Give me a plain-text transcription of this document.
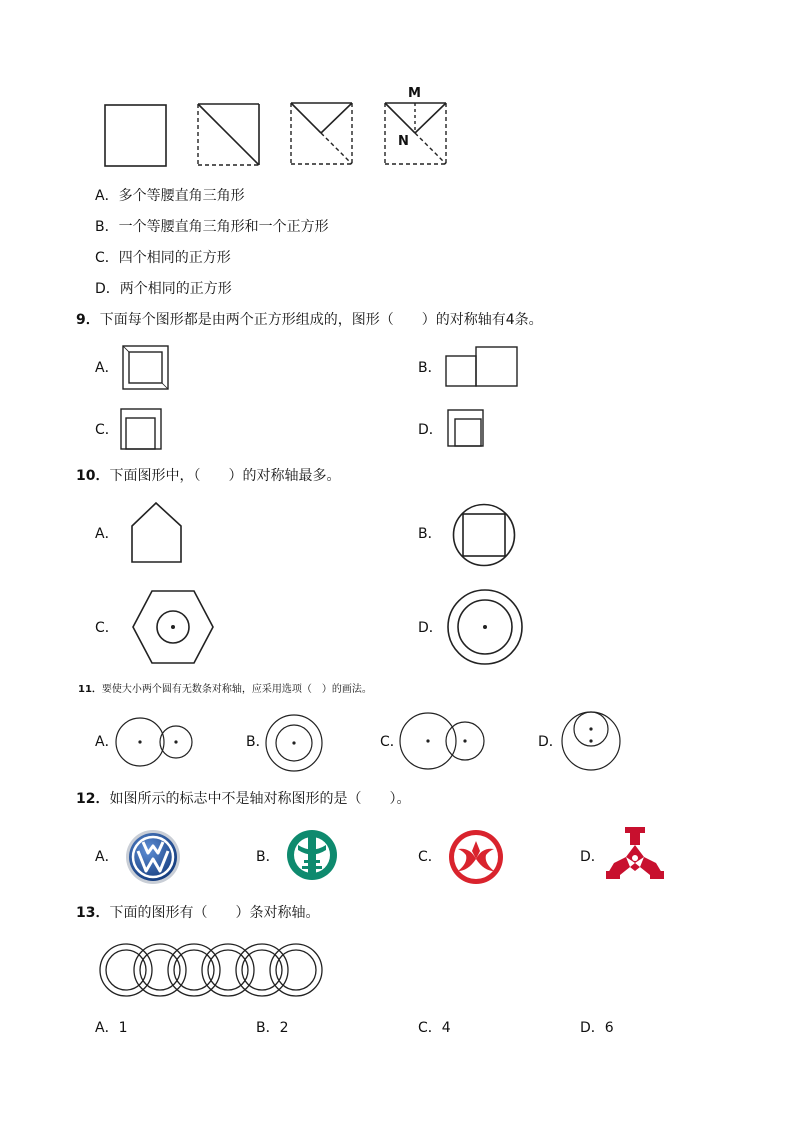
M
N
A．多个等腰直角三角形
B．一个等腰直角三角形和一个正方形
C．四个相同的正方形
D．两个相同的正方形
9．下面每个图形都是由两个正方形组成的，图形（　　）的对称轴有4条。
A．	B．
C．	D．
10．下面图形中，（　　）的对称轴最多。
A．	B．
C．	D．
11．要使大小两个圆有无数条对称轴，应采用选项（　）的画法。
A．	B．	C．	D．
12．如图所示的标志中不是轴对称图形的是（　　）。
A．	B．	C．	D．
13．下面的图形有（　　）条对称轴。
A．1	B．2	C．4	D．6
